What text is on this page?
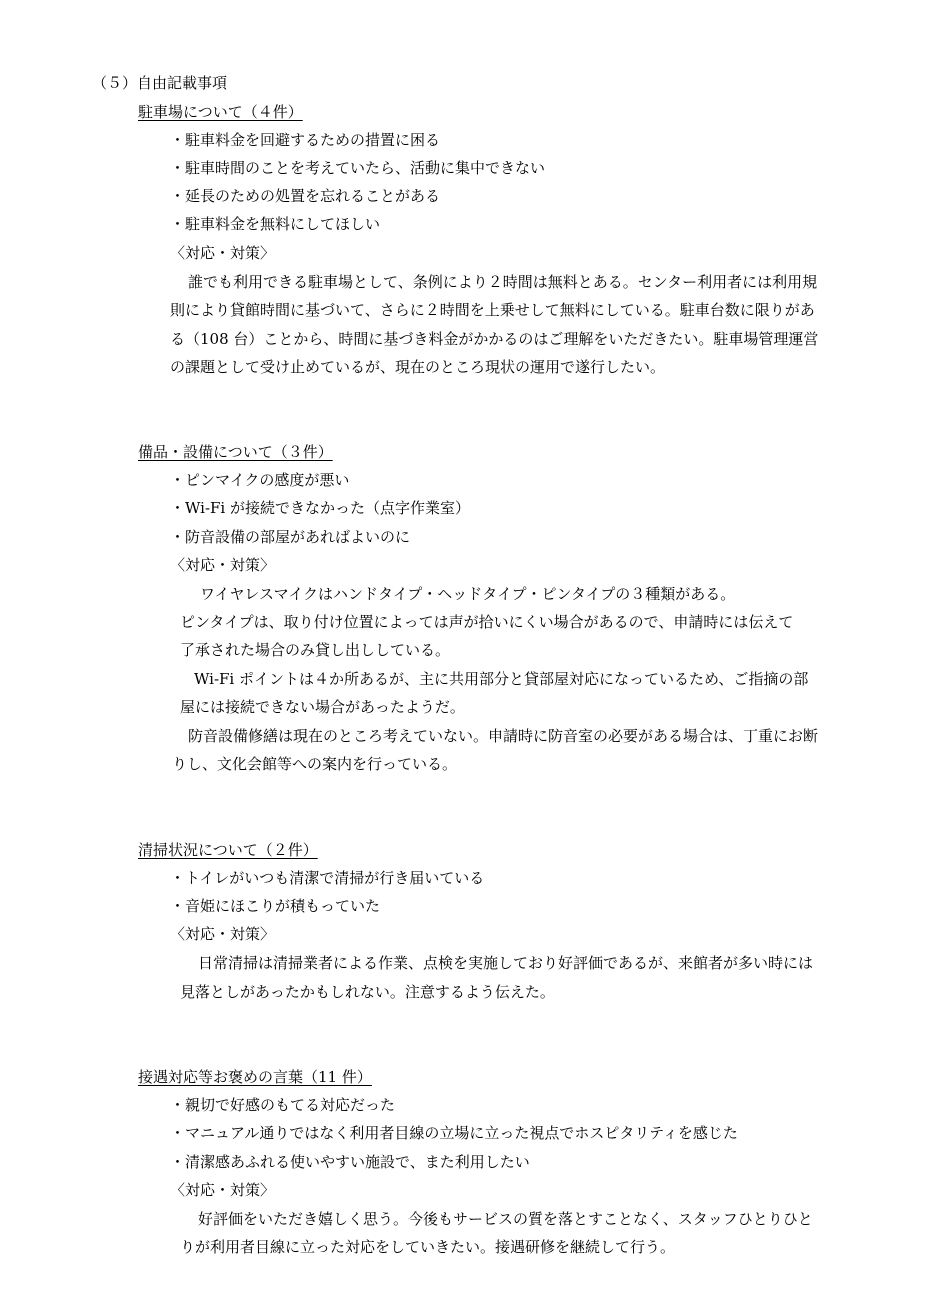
（５）自由記載事項
駐車場について（４件）
・駐車料金を回避するための措置に困る
・駐車時間のことを考えていたら、活動に集中できない
・延長のための処置を忘れることがある
・駐車料金を無料にしてほしい
〈対応・対策〉
誰でも利用できる駐車場として、条例により２時間は無料とある。センター利用者には利用規
則により貸館時間に基づいて、さらに２時間を上乗せして無料にしている。駐車台数に限りがあ
る（108 台）ことから、時間に基づき料金がかかるのはご理解をいただきたい。駐車場管理運営
の課題として受け止めているが、現在のところ現状の運用で遂行したい。
備品・設備について（３件）
・ピンマイクの感度が悪い
・Wi-Fi が接続できなかった（点字作業室）
・防音設備の部屋があればよいのに
〈対応・対策〉
ワイヤレスマイクはハンドタイプ・ヘッドタイプ・ピンタイプの３種類がある。
ピンタイプは、取り付け位置によっては声が拾いにくい場合があるので、申請時には伝えて
了承された場合のみ貸し出ししている。
Wi-Fi ポイントは４か所あるが、主に共用部分と貸部屋対応になっているため、ご指摘の部
屋には接続できない場合があったようだ。
防音設備修繕は現在のところ考えていない。申請時に防音室の必要がある場合は、丁重にお断
りし、文化会館等への案内を行っている。
清掃状況について（２件）
・トイレがいつも清潔で清掃が行き届いている
・音姫にほこりが積もっていた
〈対応・対策〉
日常清掃は清掃業者による作業、点検を実施しており好評価であるが、来館者が多い時には
見落としがあったかもしれない。注意するよう伝えた。
接遇対応等お褒めの言葉（11 件）
・親切で好感のもてる対応だった
・マニュアル通りではなく利用者目線の立場に立った視点でホスピタリティを感じた
・清潔感あふれる使いやすい施設で、また利用したい
〈対応・対策〉
好評価をいただき嬉しく思う。今後もサービスの質を落とすことなく、スタッフひとりひと
りが利用者目線に立った対応をしていきたい。接遇研修を継続して行う。
